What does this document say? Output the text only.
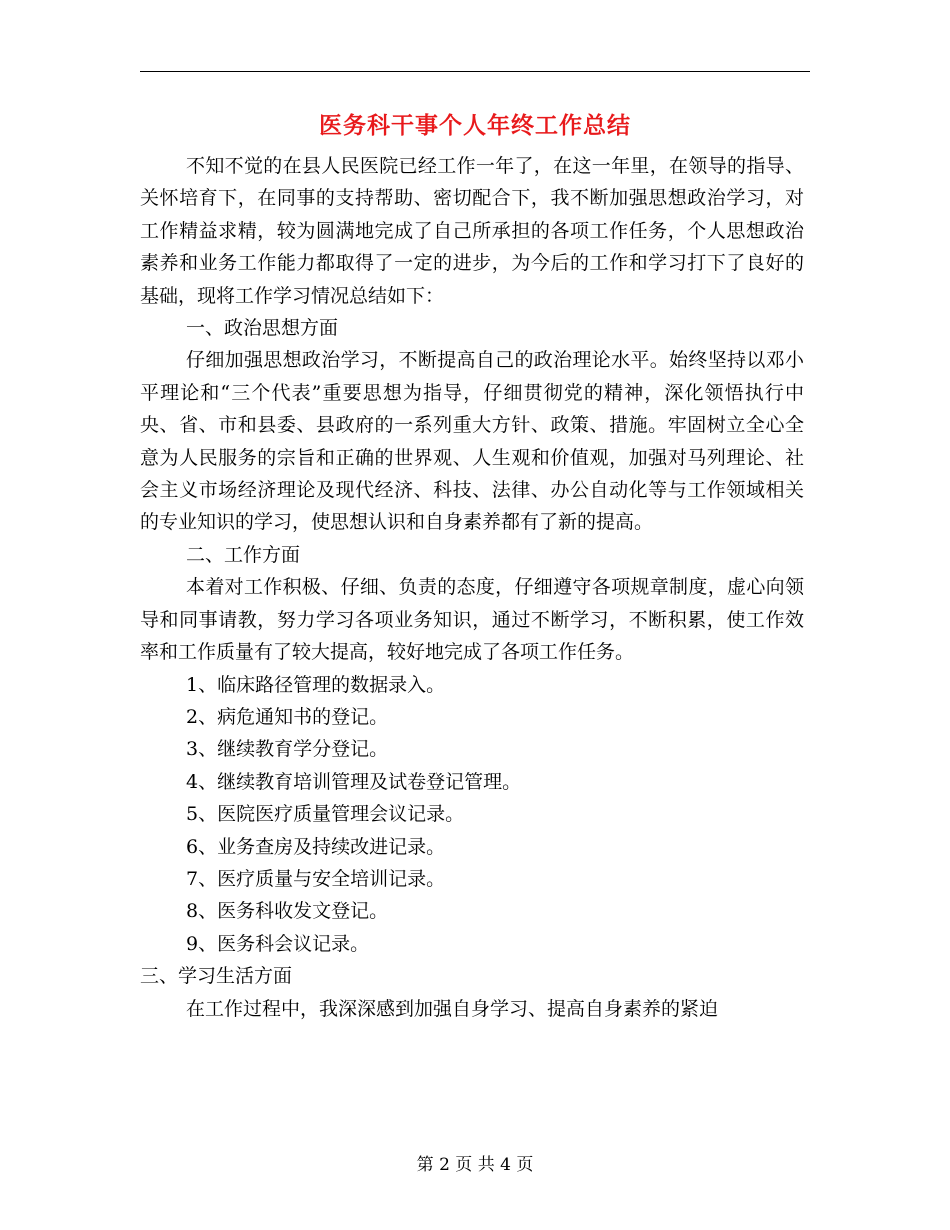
医务科干事个人年终工作总结

不知不觉的在县人民医院已经工作一年了，在这一年里，在领导的指导、关怀培育下，在同事的支持帮助、密切配合下，我不断加强思想政治学习，对工作精益求精，较为圆满地完成了自己所承担的各项工作任务，个人思想政治素养和业务工作能力都取得了一定的进步，为今后的工作和学习打下了良好的基础，现将工作学习情况总结如下：

一、政治思想方面

仔细加强思想政治学习，不断提高自己的政治理论水平。始终坚持以邓小平理论和“三个代表”重要思想为指导，仔细贯彻党的精神，深化领悟执行中央、省、市和县委、县政府的一系列重大方针、政策、措施。牢固树立全心全意为人民服务的宗旨和正确的世界观、人生观和价值观，加强对马列理论、社会主义市场经济理论及现代经济、科技、法律、办公自动化等与工作领域相关的专业知识的学习，使思想认识和自身素养都有了新的提高。

二、工作方面

本着对工作积极、仔细、负责的态度，仔细遵守各项规章制度，虚心向领导和同事请教，努力学习各项业务知识，通过不断学习，不断积累，使工作效率和工作质量有了较大提高，较好地完成了各项工作任务。

1、临床路径管理的数据录入。

2、病危通知书的登记。

3、继续教育学分登记。

4、继续教育培训管理及试卷登记管理。

5、医院医疗质量管理会议记录。

6、业务查房及持续改进记录。

7、医疗质量与安全培训记录。

8、医务科收发文登记。

9、医务科会议记录。

三、学习生活方面

在工作过程中，我深深感到加强自身学习、提高自身素养的紧迫

第 2 页 共 4 页
